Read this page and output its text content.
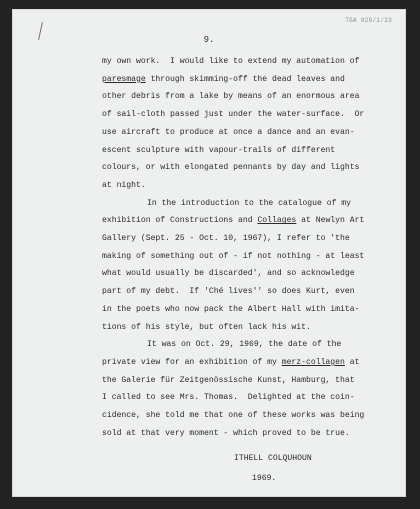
TGA 929/1/23
9.
my own work.  I would like to extend my automation of
paresmage through skimming-off the dead leaves and
other debris from a lake by means of an enormous area
of sail-cloth passed just under the water-surface.  Or
use aircraft to produce at once a dance and an evan-
escent sculpture with vapour-trails of different
colours, or with elongated pennants by day and lights
at night.
In the introduction to the catalogue of my
exhibition of Constructions and Collages at Newlyn Art
Gallery (Sept. 25 - Oct. 10, 1967), I refer to 'the
making of something out of - if not nothing - at least
what would usually be discarded', and so acknowledge
part of my debt.  If 'Ché lives'' so does Kurt, even
in the poets who now pack the Albert Hall with imita-
tions of his style, but often lack his wit.
It was on Oct. 29, 1969, the date of the
private view for an exhibition of my merz-collagen at
the Galerie für Zeitgenössische Kunst, Hamburg, that
I called to see Mrs. Thomas.  Delighted at the coin-
cidence, she told me that one of these works was being
sold at that very moment - which proved to be true.
ITHELL COLQUHOUN
1969.
